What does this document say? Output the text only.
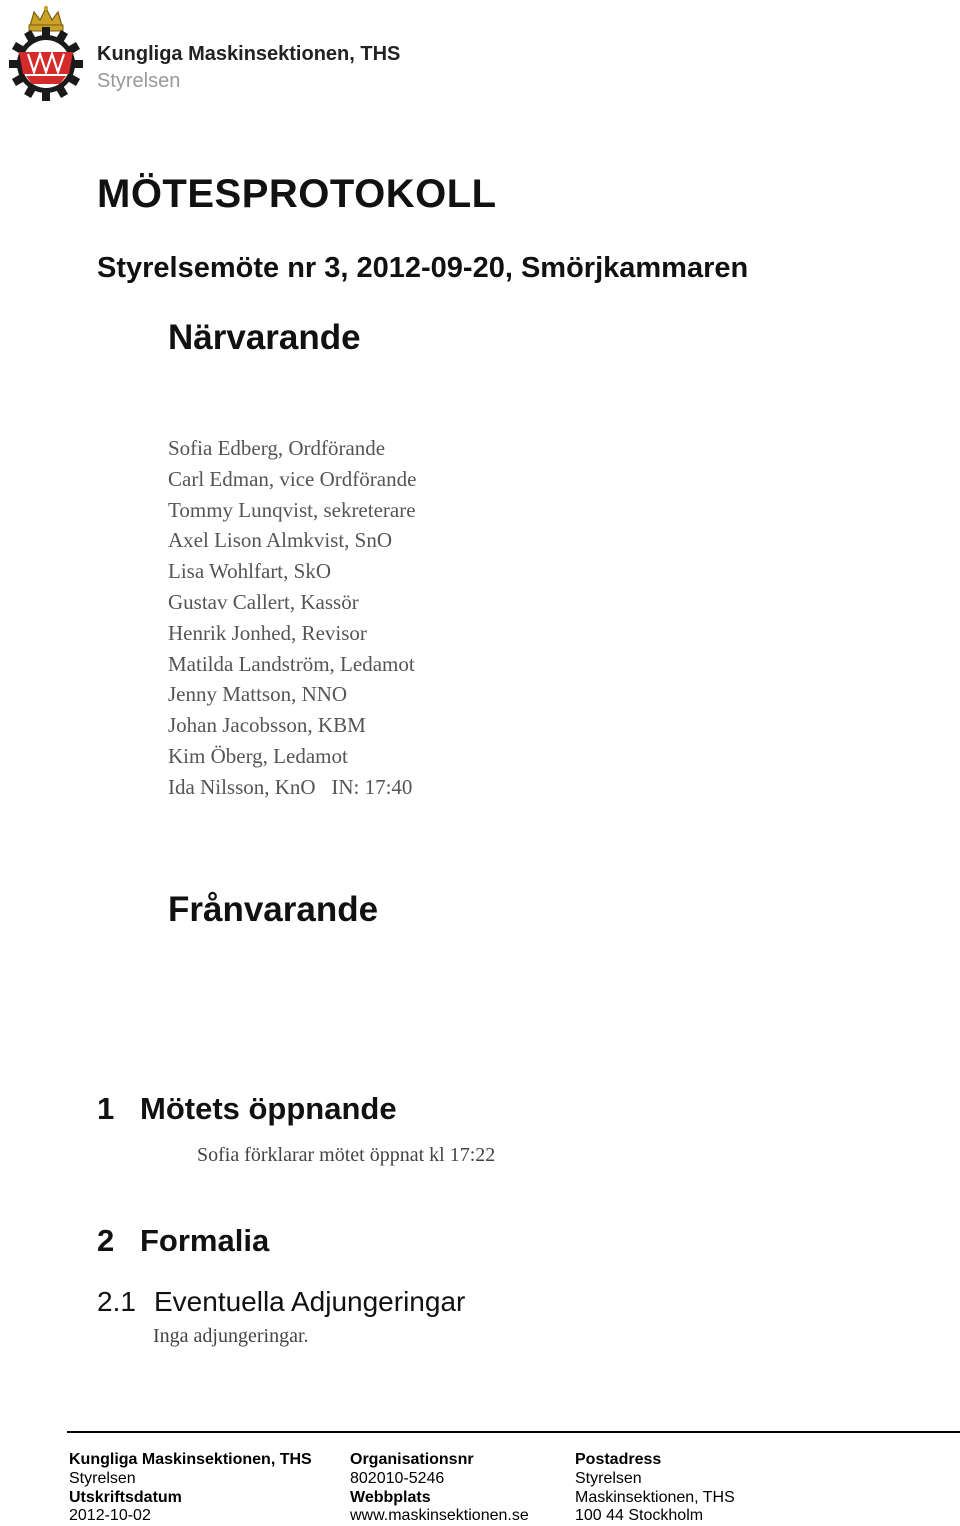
Kungliga Maskinsektionen, THS
Styrelsen
MÖTESPROTOKOLL
Styrelsemöte nr 3, 2012-09-20, Smörjkammaren
Närvarande
Sofia Edberg, Ordförande
Carl Edman, vice Ordförande
Tommy Lunqvist, sekreterare
Axel Lison Almkvist, SnO
Lisa Wohlfart, SkO
Gustav Callert, Kassör
Henrik Jonhed, Revisor
Matilda Landström, Ledamot
Jenny Mattson, NNO
Johan Jacobsson, KBM
Kim Öberg, Ledamot
Ida Nilsson, KnO   IN: 17:40
Frånvarande
1 Mötets öppnande
Sofia förklarar mötet öppnat kl 17:22
2 Formalia
2.1 Eventuella Adjungeringar
Inga adjungeringar.
Kungliga Maskinsektionen, THS
Styrelsen
Utskriftsdatum
2012-10-02
Organisationsnr
802010-5246
Webbplats
www.maskinsektionen.se
Postadress
Styrelsen
Maskinsektionen, THS
100 44 Stockholm
